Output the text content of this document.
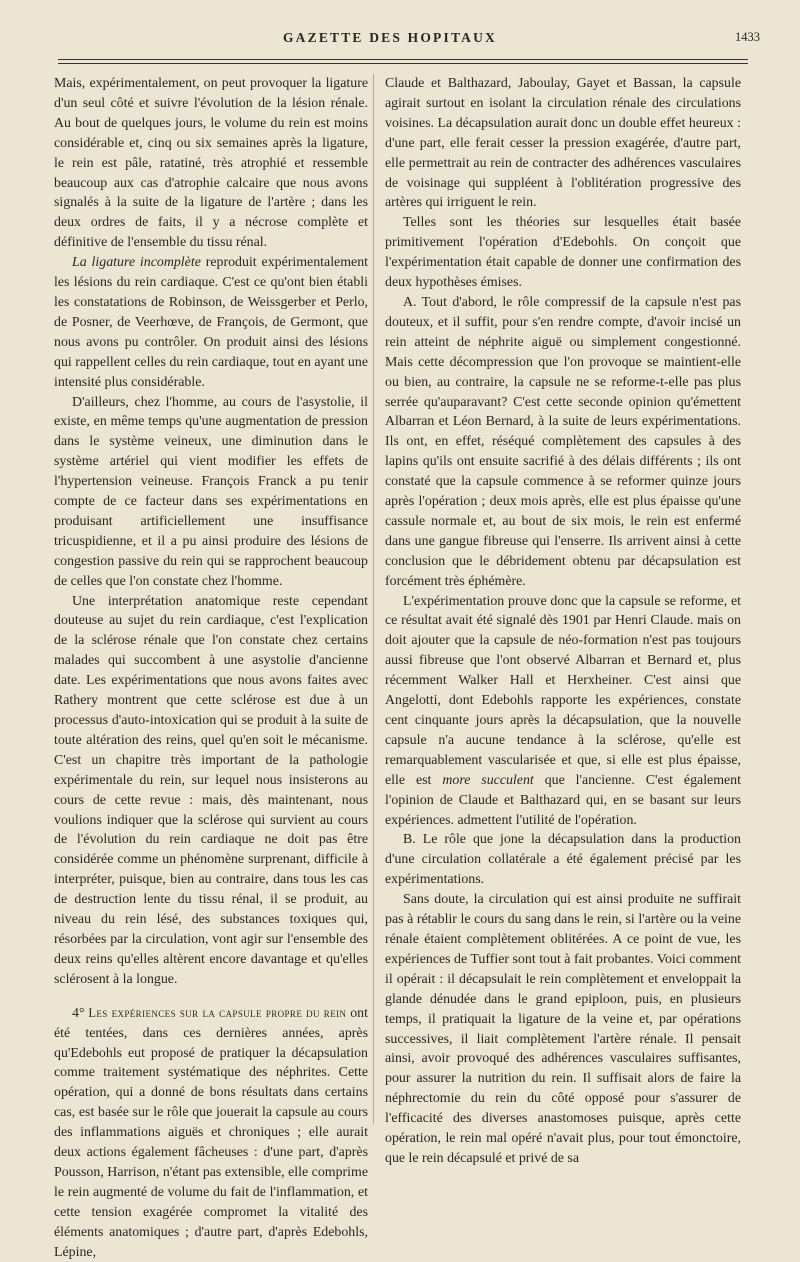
GAZETTE DES HOPITAUX	1433

Mais, expérimentalement, on peut provoquer la ligature d'un seul côté et suivre l'évolution de la lésion rénale. Au bout de quelques jours, le volume du rein est moins considérable et, cinq ou six semaines après la ligature, le rein est pâle, ratatiné, très atrophié et ressemble beaucoup aux cas d'atrophie calcaire que nous avons signalés à la suite de la ligature de l'artère ; dans les deux ordres de faits, il y a nécrose complète et définitive de l'ensemble du tissu rénal.

La ligature incomplète reproduit expérimentalement les lésions du rein cardiaque. C'est ce qu'ont bien établi les constatations de Robinson, de Weissgerber et Perlo, de Posner, de Veerhœve, de François, de Germont, que nous avons pu contrôler. On produit ainsi des lésions qui rappellent celles du rein cardiaque, tout en ayant une intensité plus considérable.

D'ailleurs, chez l'homme, au cours de l'asystolie, il existe, en même temps qu'une augmentation de pression dans le système veineux, une diminution dans le système artériel qui vient modifier les effets de l'hypertension veineuse. François Franck a pu tenir compte de ce facteur dans ses expérimentations en produisant artificiellement une insuffisance tricuspidienne, et il a pu ainsi produire des lésions de congestion passive du rein qui se rapprochent beaucoup de celles que l'on constate chez l'homme.

Une interprétation anatomique reste cependant douteuse au sujet du rein cardiaque, c'est l'explication de la sclérose rénale que l'on constate chez certains malades qui succombent à une asystolie d'ancienne date. Les expérimentations que nous avons faites avec Rathery montrent que cette sclérose est due à un processus d'auto-intoxication qui se produit à la suite de toute altération des reins, quel qu'en soit le mécanisme. C'est un chapitre très important de la pathologie expérimentale du rein, sur lequel nous insisterons au cours de cette revue : mais, dès maintenant, nous voulions indiquer que la sclérose qui survient au cours de l'évolution du rein cardiaque ne doit pas être considérée comme un phénomène surprenant, difficile à interpréter, puisque, bien au contraire, dans tous les cas de destruction lente du tissu rénal, il se produit, au niveau du rein lésé, des substances toxiques qui, résorbées par la circulation, vont agir sur l'ensemble des deux reins qu'elles altèrent encore davantage et qu'elles sclérosent à la longue.

4° Les expériences sur la capsule propre du rein ont été tentées, dans ces dernières années, après qu'Edebohls eut proposé de pratiquer la décapsulation comme traitement systématique des néphrites. Cette opération, qui a donné de bons résultats dans certains cas, est basée sur le rôle que jouerait la capsule au cours des inflammations aiguës et chroniques ; elle aurait deux actions également fâcheuses : d'une part, d'après Pousson, Harrison, n'étant pas extensible, elle comprime le rein augmenté de volume du fait de l'inflammation, et cette tension exagérée compromet la vitalité des éléments anatomiques ; d'autre part, d'après Edebohls, Lépine,

Claude et Balthazard, Jaboulay, Gayet et Bassan, la capsule agirait surtout en isolant la circulation rénale des circulations voisines. La décapsulation aurait donc un double effet heureux : d'une part, elle ferait cesser la pression exagérée, d'autre part, elle permettrait au rein de contracter des adhérences vasculaires de voisinage qui suppléent à l'oblitération progressive des artères qui irriguent le rein.

Telles sont les théories sur lesquelles était basée primitivement l'opération d'Edebohls. On conçoit que l'expérimentation était capable de donner une confirmation des deux hypothèses émises.

A. Tout d'abord, le rôle compressif de la capsule n'est pas douteux, et il suffit, pour s'en rendre compte, d'avoir incisé un rein atteint de néphrite aiguë ou simplement congestionné. Mais cette décompression que l'on provoque se maintient-elle ou bien, au contraire, la capsule ne se reforme-t-elle pas plus serrée qu'auparavant? C'est cette seconde opinion qu'émettent Albarran et Léon Bernard, à la suite de leurs expérimentations. Ils ont, en effet, réséqué complètement des capsules à des lapins qu'ils ont ensuite sacrifié à des délais différents ; ils ont constaté que la capsule commence à se reformer quinze jours après l'opération ; deux mois après, elle est plus épaisse qu'une cassule normale et, au bout de six mois, le rein est enfermé dans une gangue fibreuse qui l'enserre. Ils arrivent ainsi à cette conclusion que le débridement obtenu par décapsulation est forcément très éphémère.

L'expérimentation prouve donc que la capsule se reforme, et ce résultat avait été signalé dès 1901 par Henri Claude. mais on doit ajouter que la capsule de néo-formation n'est pas toujours aussi fibreuse que l'ont observé Albarran et Bernard et, plus récemment Walker Hall et Herxheiner. C'est ainsi que Angelotti, dont Edebohls rapporte les expériences, constate cent cinquante jours après la décapsulation, que la nouvelle capsule n'a aucune tendance à la sclérose, qu'elle est remarquablement vascularisée et que, si elle est plus épaisse, elle est more succulent que l'ancienne. C'est également l'opinion de Claude et Balthazard qui, en se basant sur leurs expériences. admettent l'utilité de l'opération.

B. Le rôle que jone la décapsulation dans la production d'une circulation collatérale a été également précisé par les expérimentations.

Sans doute, la circulation qui est ainsi produite ne suffirait pas à rétablir le cours du sang dans le rein, si l'artère ou la veine rénale étaient complètement oblitérées. A ce point de vue, les expériences de Tuffier sont tout à fait probantes. Voici comment il opérait : il décapsulait le rein complètement et enveloppait la glande dénudée dans le grand epiploon, puis, en plusieurs temps, il pratiquait la ligature de la veine et, par opérations successives, il liait complètement l'artère rénale. Il pensait ainsi, avoir provoqué des adhérences vasculaires suffisantes, pour assurer la nutrition du rein. Il suffisait alors de faire la néphrectomie du rein du côté opposé pour s'assurer de l'efficacité des diverses anastomoses puisque, après cette opération, le rein mal opéré n'avait plus, pour tout émonctoire, que le rein décapsulé et privé de sa
